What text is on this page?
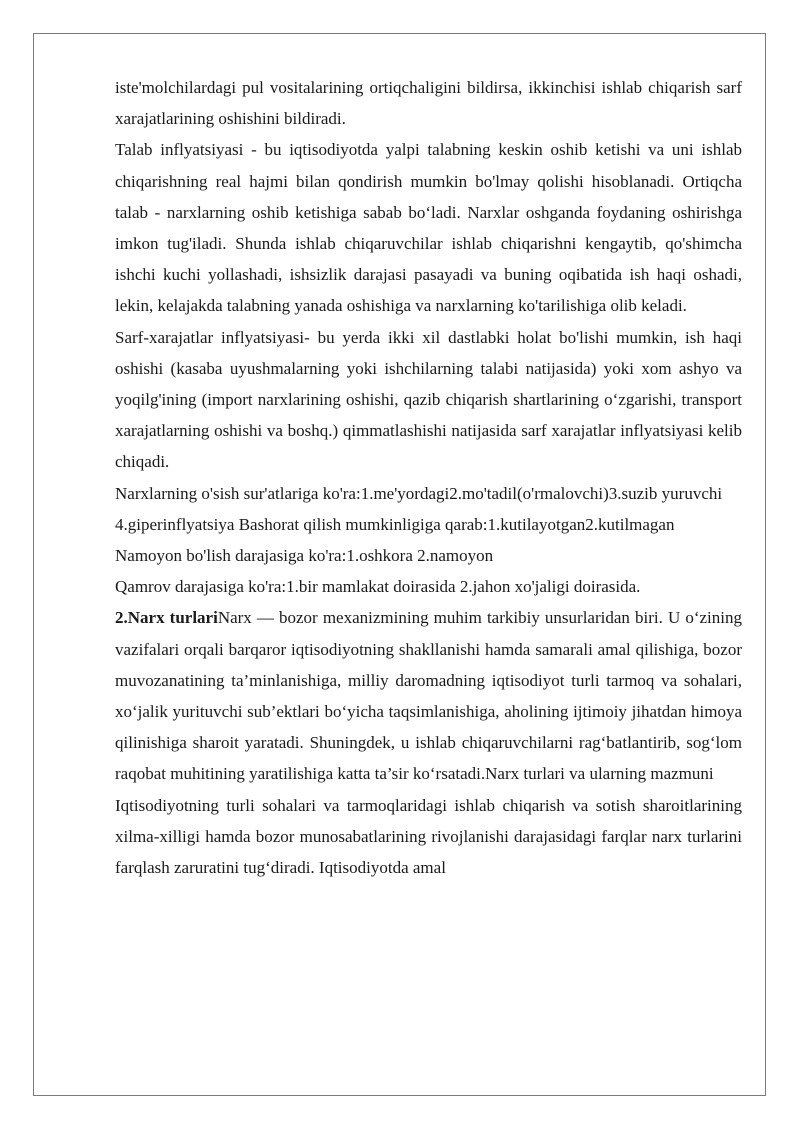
iste'molchilardagi pul vositalarining ortiqchaligini bildirsa, ikkinchisi ishlab chiqarish sarf xarajatlarining oshishini bildiradi.

Talab inflyatsiyasi - bu iqtisodiyotda yalpi talabning keskin oshib ketishi va uni ishlab chiqarishning real hajmi bilan qondirish mumkin bo'lmay qolishi hisoblanadi. Ortiqcha talab - narxlarning oshib ketishiga sabab bo‘ladi. Narxlar oshganda foydaning oshirishga imkon tug'iladi. Shunda ishlab chiqaruvchilar ishlab chiqarishni kengaytib, qo'shimcha ishchi kuchi yollashadi, ishsizlik darajasi pasayadi va buning oqibatida ish haqi oshadi, lekin, kelajakda talabning yanada oshishiga va narxlarning ko'tarilishiga olib keladi.

Sarf-xarajatlar inflyatsiyasi- bu yerda ikki xil dastlabki holat bo'lishi mumkin, ish haqi oshishi (kasaba uyushmalarning yoki ishchilarning talabi natijasida) yoki xom ashyo va yoqilg'ining (import narxlarining oshishi, qazib chiqarish shartlarining o‘zgarishi, transport xarajatlarning oshishi va boshq.) qimmatlashishi natijasida sarf xarajatlar inflyatsiyasi kelib chiqadi.

Narxlarning o'sish sur'atlariga ko'ra:1.me'yordagi2.mo'tadil(o'rmalovchi)3.suzib yuruvchi

4.giperinflyatsiya Bashorat qilish mumkinligiga qarab:1.kutilayotgan2.kutilmagan

Namoyon bo'lish darajasiga ko'ra:1.oshkora 2.namoyon

Qamrov darajasiga ko'ra:1.bir mamlakat doirasida 2.jahon xo'jaligi doirasida.

2.Narx turlariNarx — bozor mexanizmining muhim tarkibiy unsurlaridan biri. U o‘zining vazifalari orqali barqaror iqtisodiyotning shakllanishi hamda samarali amal qilishiga, bozor muvozanatining ta’minlanishiga, milliy daromadning iqtisodiyot turli tarmoq va sohalari, xo‘jalik yurituvchi sub’ektlari bo‘yicha taqsimlanishiga, aholining ijtimoiy jihatdan himoya qilinishiga sharoit yaratadi. Shuningdek, u ishlab chiqaruvchilarni rag‘batlantirib, sog‘lom raqobat muhitining yaratilishiga katta ta’sir ko‘rsatadi.Narx turlari va ularning mazmuni

Iqtisodiyotning turli sohalari va tarmoqlaridagi ishlab chiqarish va sotish sharoitlarining xilma-xilligi hamda bozor munosabatlarining rivojlanishi darajasidagi farqlar narx turlarini farqlash zaruratini tug‘diradi. Iqtisodiyotda amal
